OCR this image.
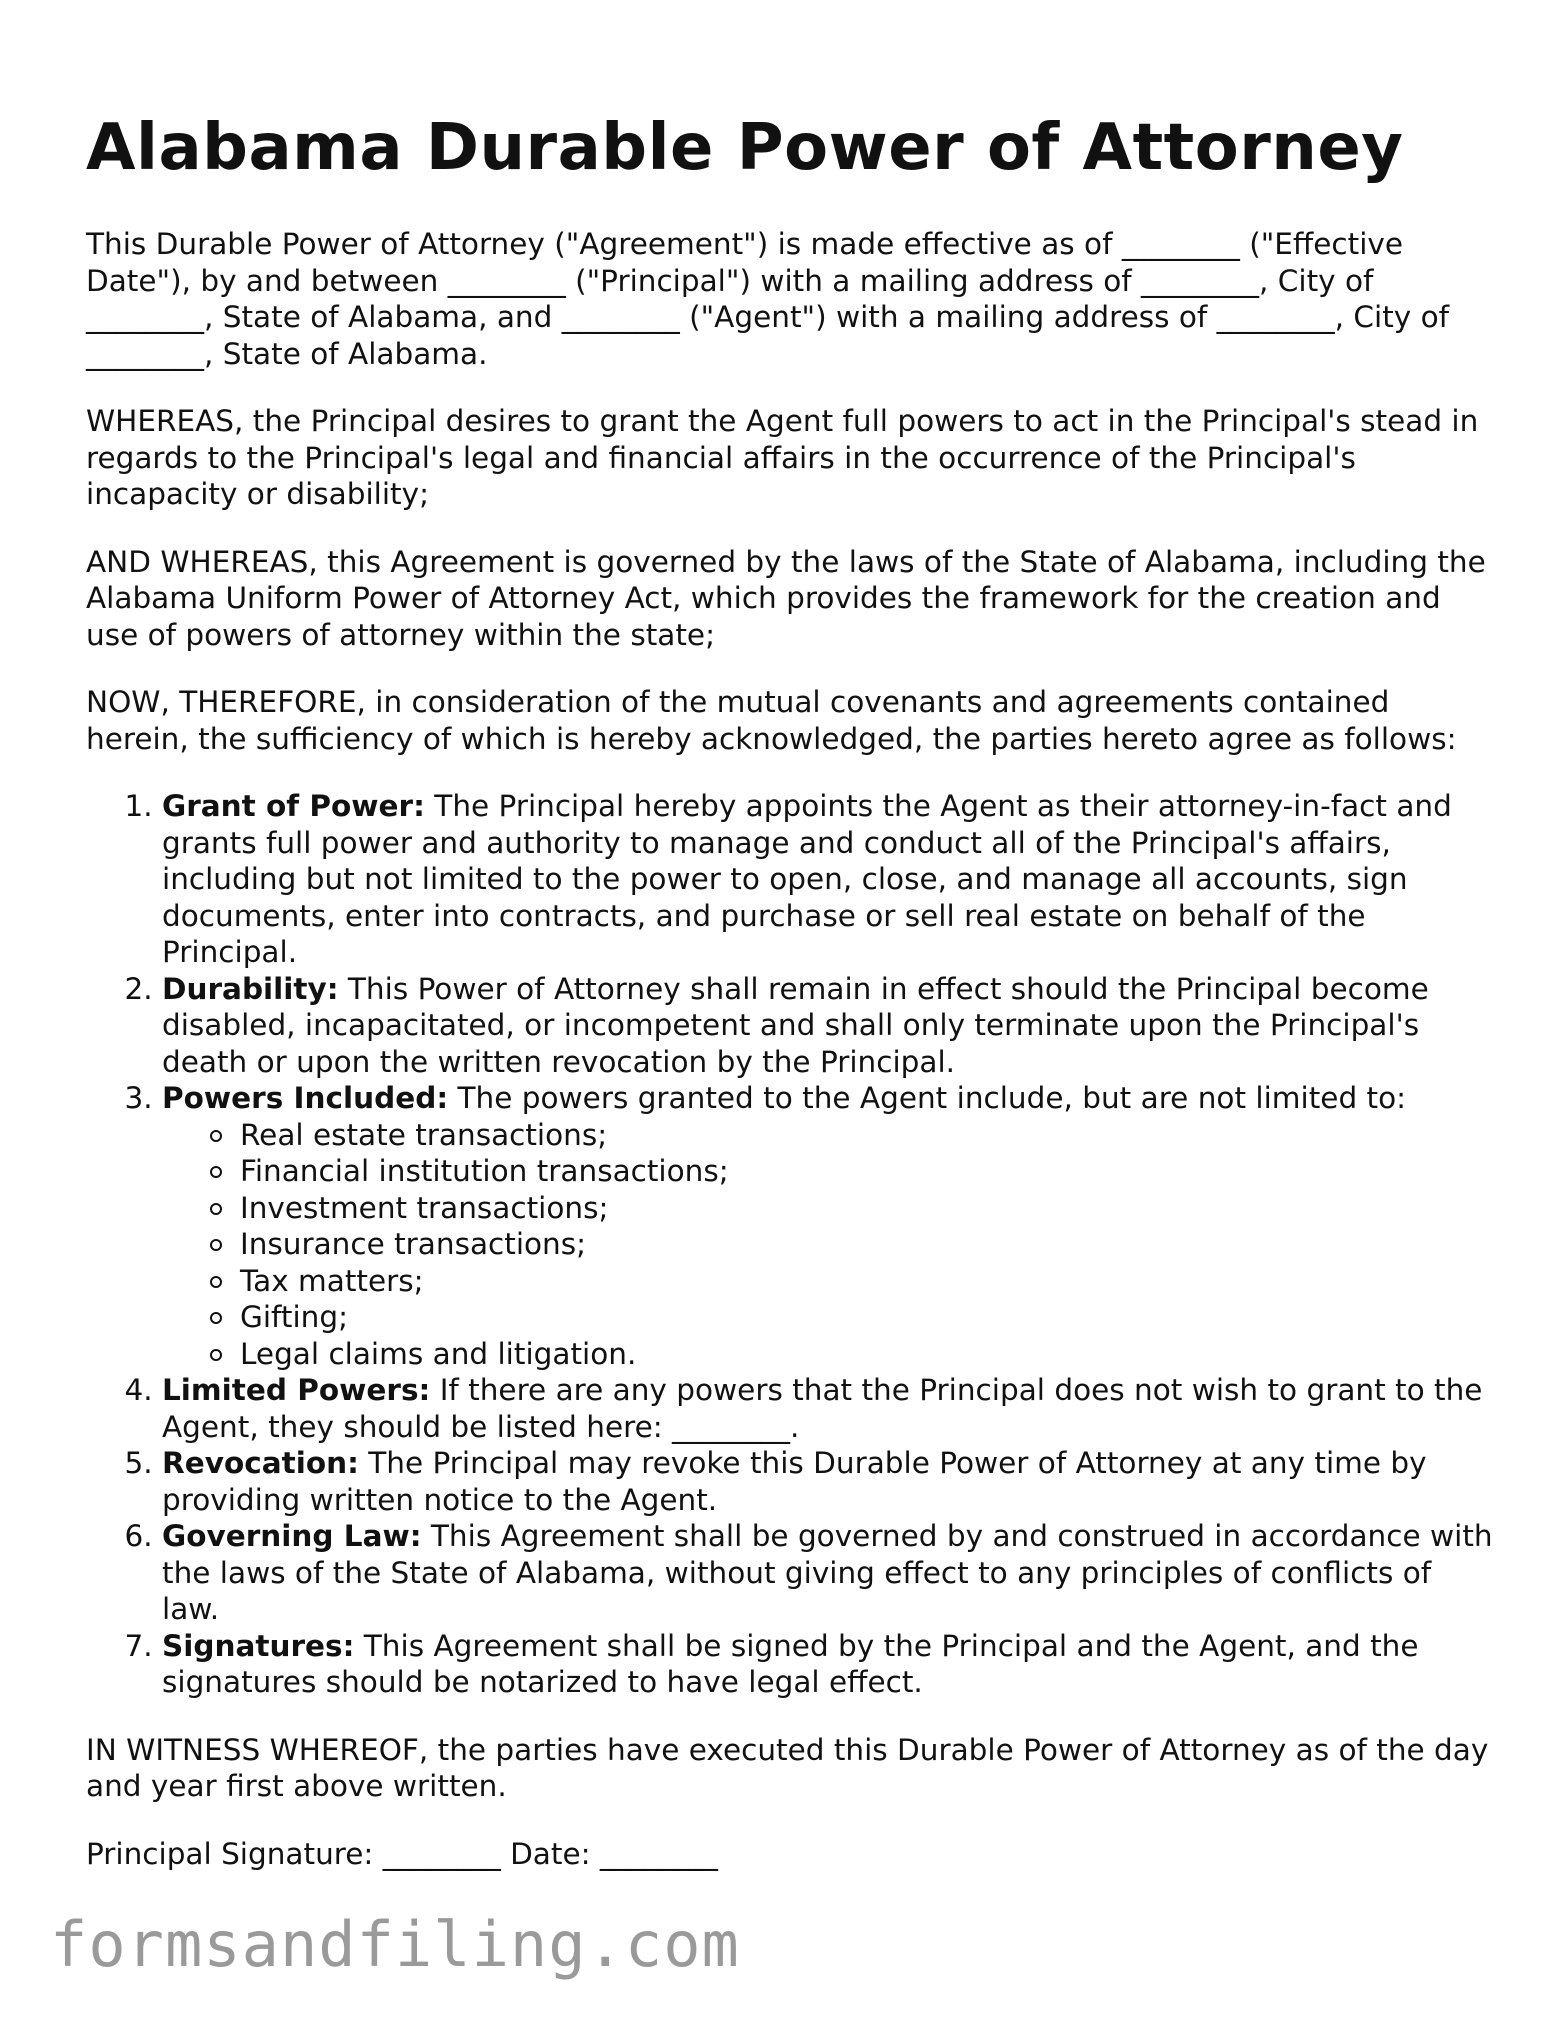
Alabama Durable Power of Attorney

This Durable Power of Attorney ("Agreement") is made effective as of ________ ("Effective Date"), by and between ________ ("Principal") with a mailing address of ________, City of ________, State of Alabama, and ________ ("Agent") with a mailing address of ________, City of ________, State of Alabama.

WHEREAS, the Principal desires to grant the Agent full powers to act in the Principal's stead in regards to the Principal's legal and financial affairs in the occurrence of the Principal's incapacity or disability;

AND WHEREAS, this Agreement is governed by the laws of the State of Alabama, including the Alabama Uniform Power of Attorney Act, which provides the framework for the creation and use of powers of attorney within the state;

NOW, THEREFORE, in consideration of the mutual covenants and agreements contained herein, the sufficiency of which is hereby acknowledged, the parties hereto agree as follows:

1. Grant of Power: The Principal hereby appoints the Agent as their attorney-in-fact and grants full power and authority to manage and conduct all of the Principal's affairs, including but not limited to the power to open, close, and manage all accounts, sign documents, enter into contracts, and purchase or sell real estate on behalf of the Principal.
2. Durability: This Power of Attorney shall remain in effect should the Principal become disabled, incapacitated, or incompetent and shall only terminate upon the Principal's death or upon the written revocation by the Principal.
3. Powers Included: The powers granted to the Agent include, but are not limited to:
Real estate transactions;
Financial institution transactions;
Investment transactions;
Insurance transactions;
Tax matters;
Gifting;
Legal claims and litigation.
4. Limited Powers: If there are any powers that the Principal does not wish to grant to the Agent, they should be listed here: ________.
5. Revocation: The Principal may revoke this Durable Power of Attorney at any time by providing written notice to the Agent.
6. Governing Law: This Agreement shall be governed by and construed in accordance with the laws of the State of Alabama, without giving effect to any principles of conflicts of law.
7. Signatures: This Agreement shall be signed by the Principal and the Agent, and the signatures should be notarized to have legal effect.

IN WITNESS WHEREOF, the parties have executed this Durable Power of Attorney as of the day and year first above written.

Principal Signature: ________ Date: ________

formsandfiling.com
